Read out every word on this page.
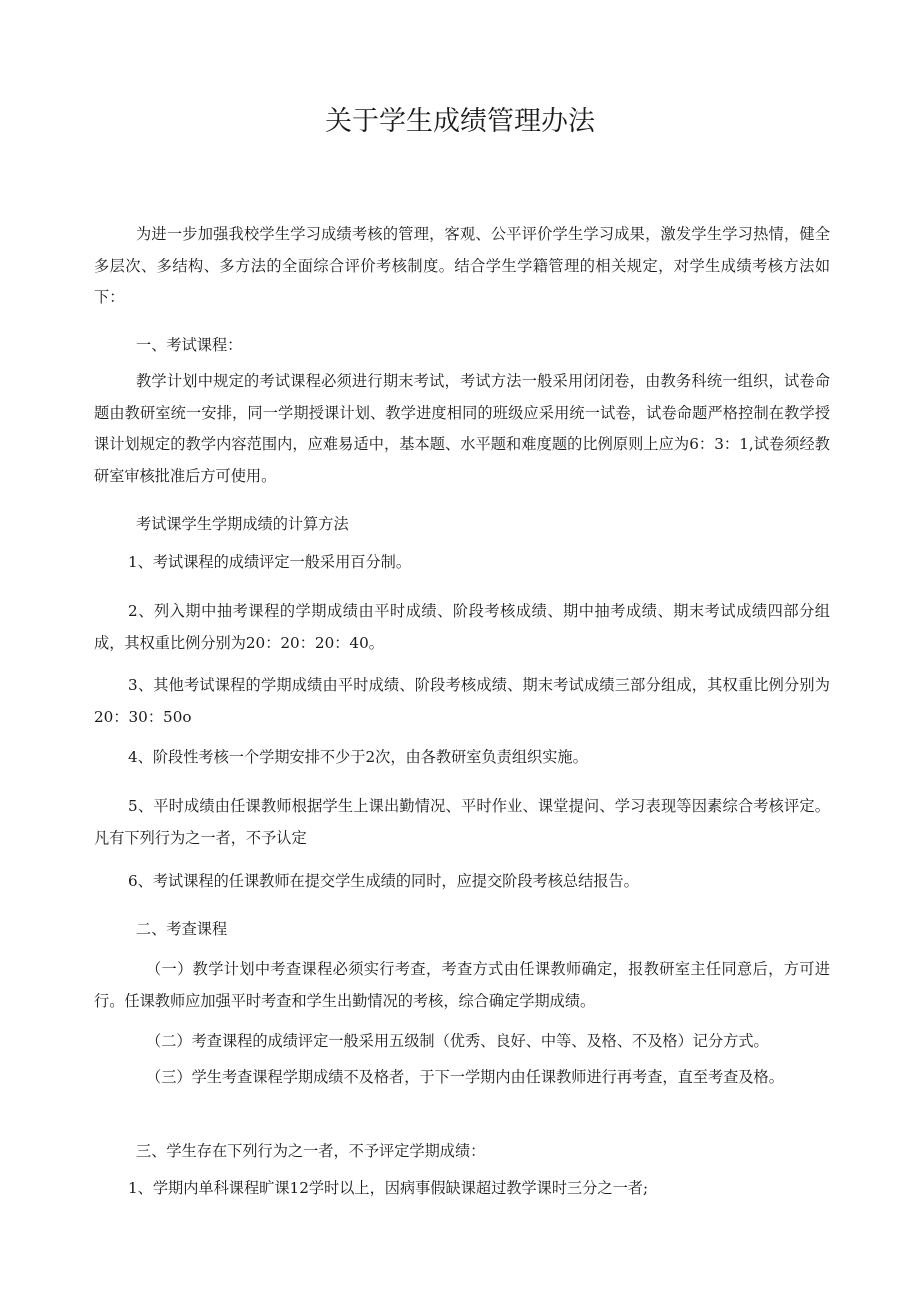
关于学生成绩管理办法

为进一步加强我校学生学习成绩考核的管理，客观、公平评价学生学习成果，激发学生学习热情，健全多层次、多结构、多方法的全面综合评价考核制度。结合学生学籍管理的相关规定，对学生成绩考核方法如下：

一、考试课程：

教学计划中规定的考试课程必须进行期末考试，考试方法一般采用闭闭卷，由教务科统一组织，试卷命题由教研室统一安排，同一学期授课计划、教学进度相同的班级应采用统一试卷，试卷命题严格控制在教学授课计划规定的教学内容范围内，应难易适中，基本题、水平题和难度题的比例原则上应为6：3：1,试卷须经教研室审核批准后方可使用。

考试课学生学期成绩的计算方法

1、考试课程的成绩评定一般采用百分制。

2、列入期中抽考课程的学期成绩由平时成绩、阶段考核成绩、期中抽考成绩、期末考试成绩四部分组成，其权重比例分别为20：20：20：40。

3、其他考试课程的学期成绩由平时成绩、阶段考核成绩、期末考试成绩三部分组成，其权重比例分别为20：30：50o

4、阶段性考核一个学期安排不少于2次，由各教研室负责组织实施。

5、平时成绩由任课教师根据学生上课出勤情况、平时作业、课堂提问、学习表现等因素综合考核评定。凡有下列行为之一者，不予认定

6、考试课程的任课教师在提交学生成绩的同时，应提交阶段考核总结报告。

二、考查课程

（一）教学计划中考查课程必须实行考查，考查方式由任课教师确定，报教研室主任同意后，方可进行。任课教师应加强平时考查和学生出勤情况的考核，综合确定学期成绩。

（二）考查课程的成绩评定一般采用五级制（优秀、良好、中等、及格、不及格）记分方式。

（三）学生考查课程学期成绩不及格者，于下一学期内由任课教师进行再考查，直至考查及格。

三、学生存在下列行为之一者，不予评定学期成绩：

1、学期内单科课程旷课12学时以上，因病事假缺课超过教学课时三分之一者;
